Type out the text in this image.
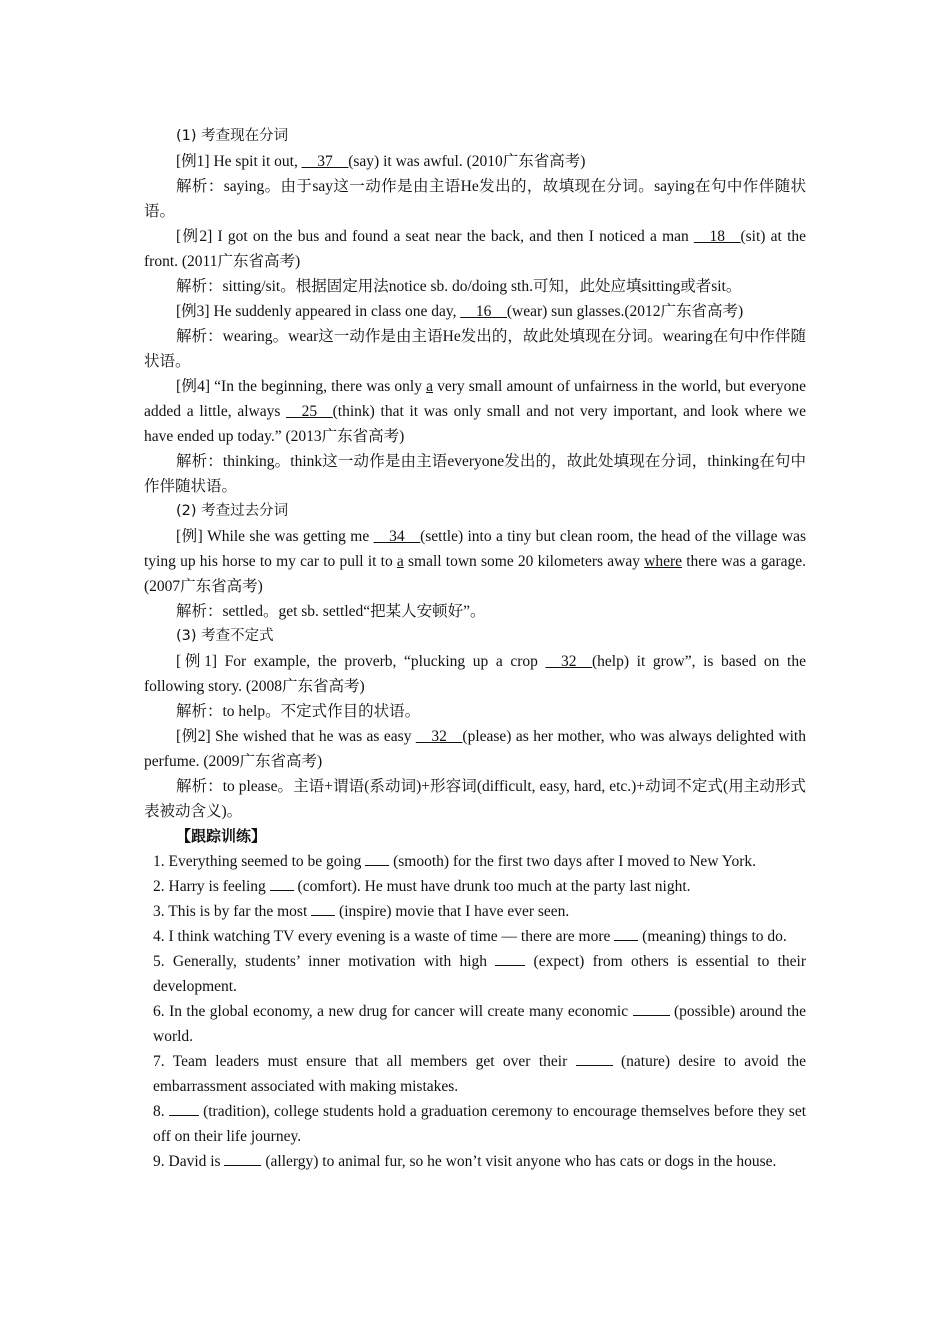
(1) 考查现在分词

[例1] He spit it out, __37__(say) it was awful. (2010广东省高考)

解析：saying。由于say这一动作是由主语He发出的，故填现在分词。saying在句中作伴随状语。

[例2] I got on the bus and found a seat near the back, and then I noticed a man __18__(sit) at the front. (2011广东省高考)

解析：sitting/sit。根据固定用法notice sb. do/doing sth.可知，此处应填sitting或者sit。

[例3] He suddenly appeared in class one day, __16__(wear) sun glasses.(2012广东省高考)

解析：wearing。wear这一动作是由主语He发出的，故此处填现在分词。wearing在句中作伴随状语。

[例4] “In the beginning, there was only a very small amount of unfairness in the world, but everyone added a little, always __25__(think) that it was only small and not very important, and look where we have ended up today.” (2013广东省高考)

解析：thinking。think这一动作是由主语everyone发出的，故此处填现在分词，thinking在句中作伴随状语。

(2) 考查过去分词

[例] While she was getting me __34__(settle) into a tiny but clean room, the head of the village was tying up his horse to my car to pull it to a small town some 20 kilometers away where there was a garage.(2007广东省高考)

解析：settled。get sb. settled“把某人安顿好”。

(3) 考查不定式

[例1] For example, the proverb, “plucking up a crop __32__(help) it grow”, is based on the following story. (2008广东省高考)

解析：to help。不定式作目的状语。

[例2] She wished that he was as easy __32__(please) as her mother, who was always delighted with perfume. (2009广东省高考)

解析：to please。主语+谓语(系动词)+形容词(difficult, easy, hard, etc.)+动词不定式(用主动形式表被动含义)。

【跟踪训练】

1. Everything seemed to be going  (smooth) for the first two days after I moved to New York.

2. Harry is feeling  (comfort). He must have drunk too much at the party last night.

3. This is by far the most  (inspire) movie that I have ever seen.

4. I think watching TV every evening is a waste of time — there are more  (meaning) things to do.

5. Generally, students’ inner motivation with high  (expect) from others is essential to their development.

6. In the global economy, a new drug for cancer will create many economic  (possible) around the world.

7. Team leaders must ensure that all members get over their  (nature) desire to avoid the embarrassment associated with making mistakes.

8.  (tradition), college students hold a graduation ceremony to encourage themselves before they set off on their life journey.

9. David is  (allergy) to animal fur, so he won’t visit anyone who has cats or dogs in the house.
